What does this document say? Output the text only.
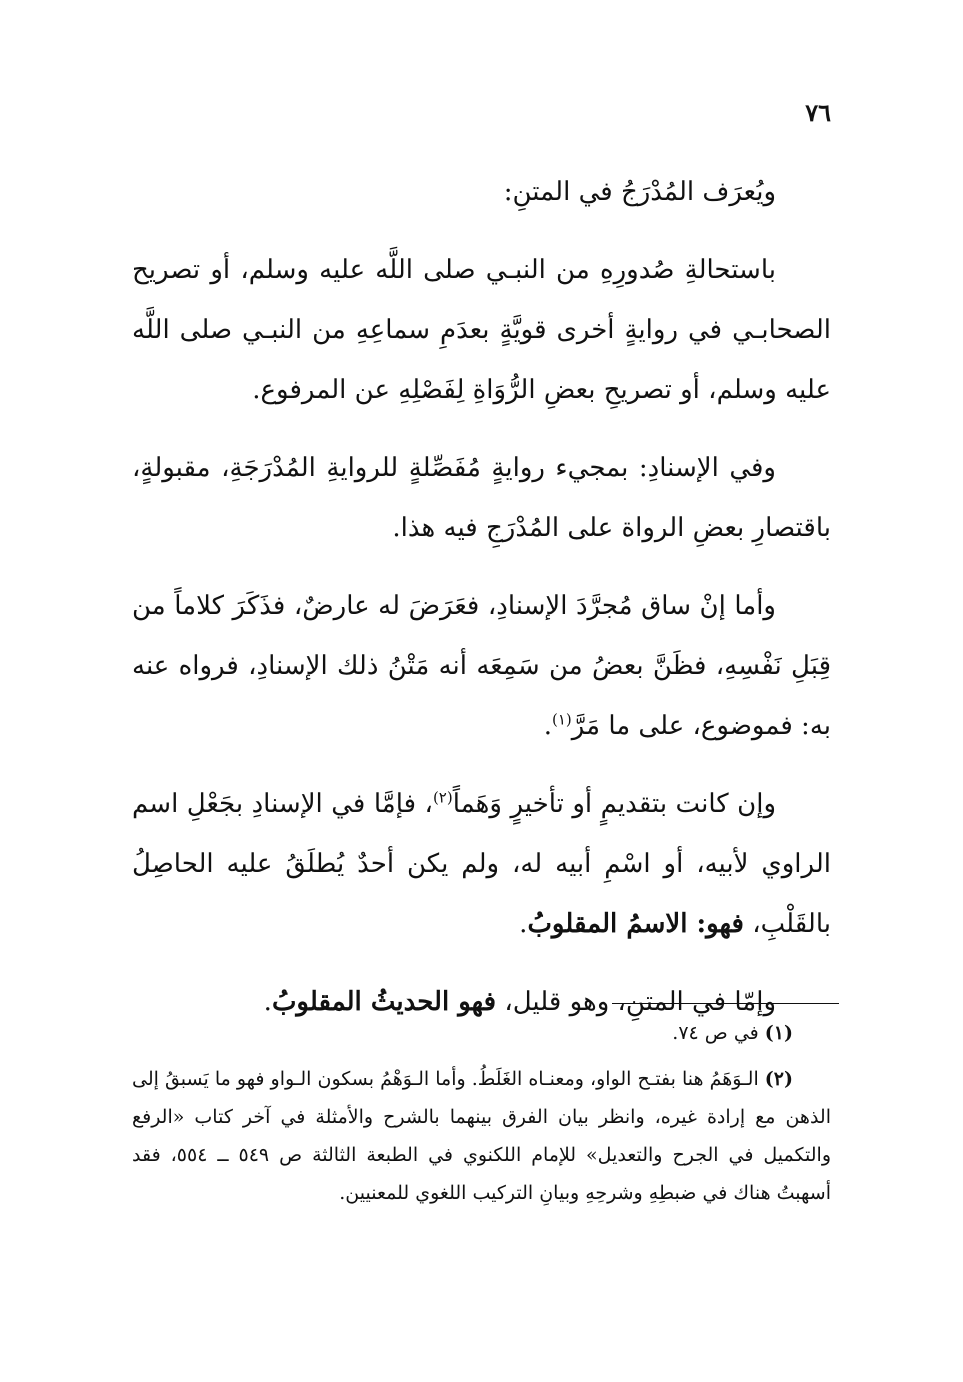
٧٦

ويُعرَف المُدْرَجُ في المتنِ:

باستحالةِ صُدورِهِ من النبـي صلى اللَّه عليه وسلم، أو تصريح الصحابـي في روايةٍ أخرى قويَّةٍ بعدَمِ سماعِهِ من النبـي صلى اللَّه عليه وسلم، أو تصريحِ بعضِ الرُّوَاةِ لِفَصْلِهِ عن المرفوع.

وفي الإسنادِ: بمجيء روايةٍ مُفَصِّلةٍ للروايةِ المُدْرَجَةِ، مقبولةٍ، باقتصارِ بعضِ الرواة على المُدْرَجِ فيه هذا.

وأما إنْ ساق مُجرَّدَ الإسنادِ، فعَرَضَ له عارضٌ، فذَكَرَ كلاماً من قِبَلِ نَفْسِهِ، فظَنَّ بعضُ من سَمِعَه أنه مَتْنُ ذلك الإسنادِ، فرواه عنه به: فموضوع، على ما مَرَّ$^{(١)}$.

وإن كانت بتقديمٍ أو تأخيرٍ وَهَماً$^{(٢)}$، فإمَّا في الإسنادِ بجَعْلِ اسم الراوي لأبيه، أو اسْمِ أبيه له، ولم يكن أحدٌ يُطلَقُ عليه الحاصِلُ بالقَلْبِ، فهو: الاسمُ المقلوبُ.

وإمّا في المتنِ، وهو قليل، فهو الحديثُ المقلوبُ.

(١) في ص ٧٤.

(٢) الـوَهَمُ هنا بفتـح الواو، ومعنـاه الغَلَطُ. وأما الـوَهْمُ بسكون الـواو فهو ما يَسبقُ إلى الذهن مع إرادة غيره، وانظر بيان الفرق بينهما بالشرح والأمثلة في آخر كتاب «الرفع والتكميل في الجرح والتعديل» للإمام اللكنوي في الطبعة الثالثة ص ٥٤٩ ــ ٥٥٤، فقد أسهبتُ هناك في ضبطِهِ وشرحِهِ وبيانِ التركيب اللغوي للمعنيين.
